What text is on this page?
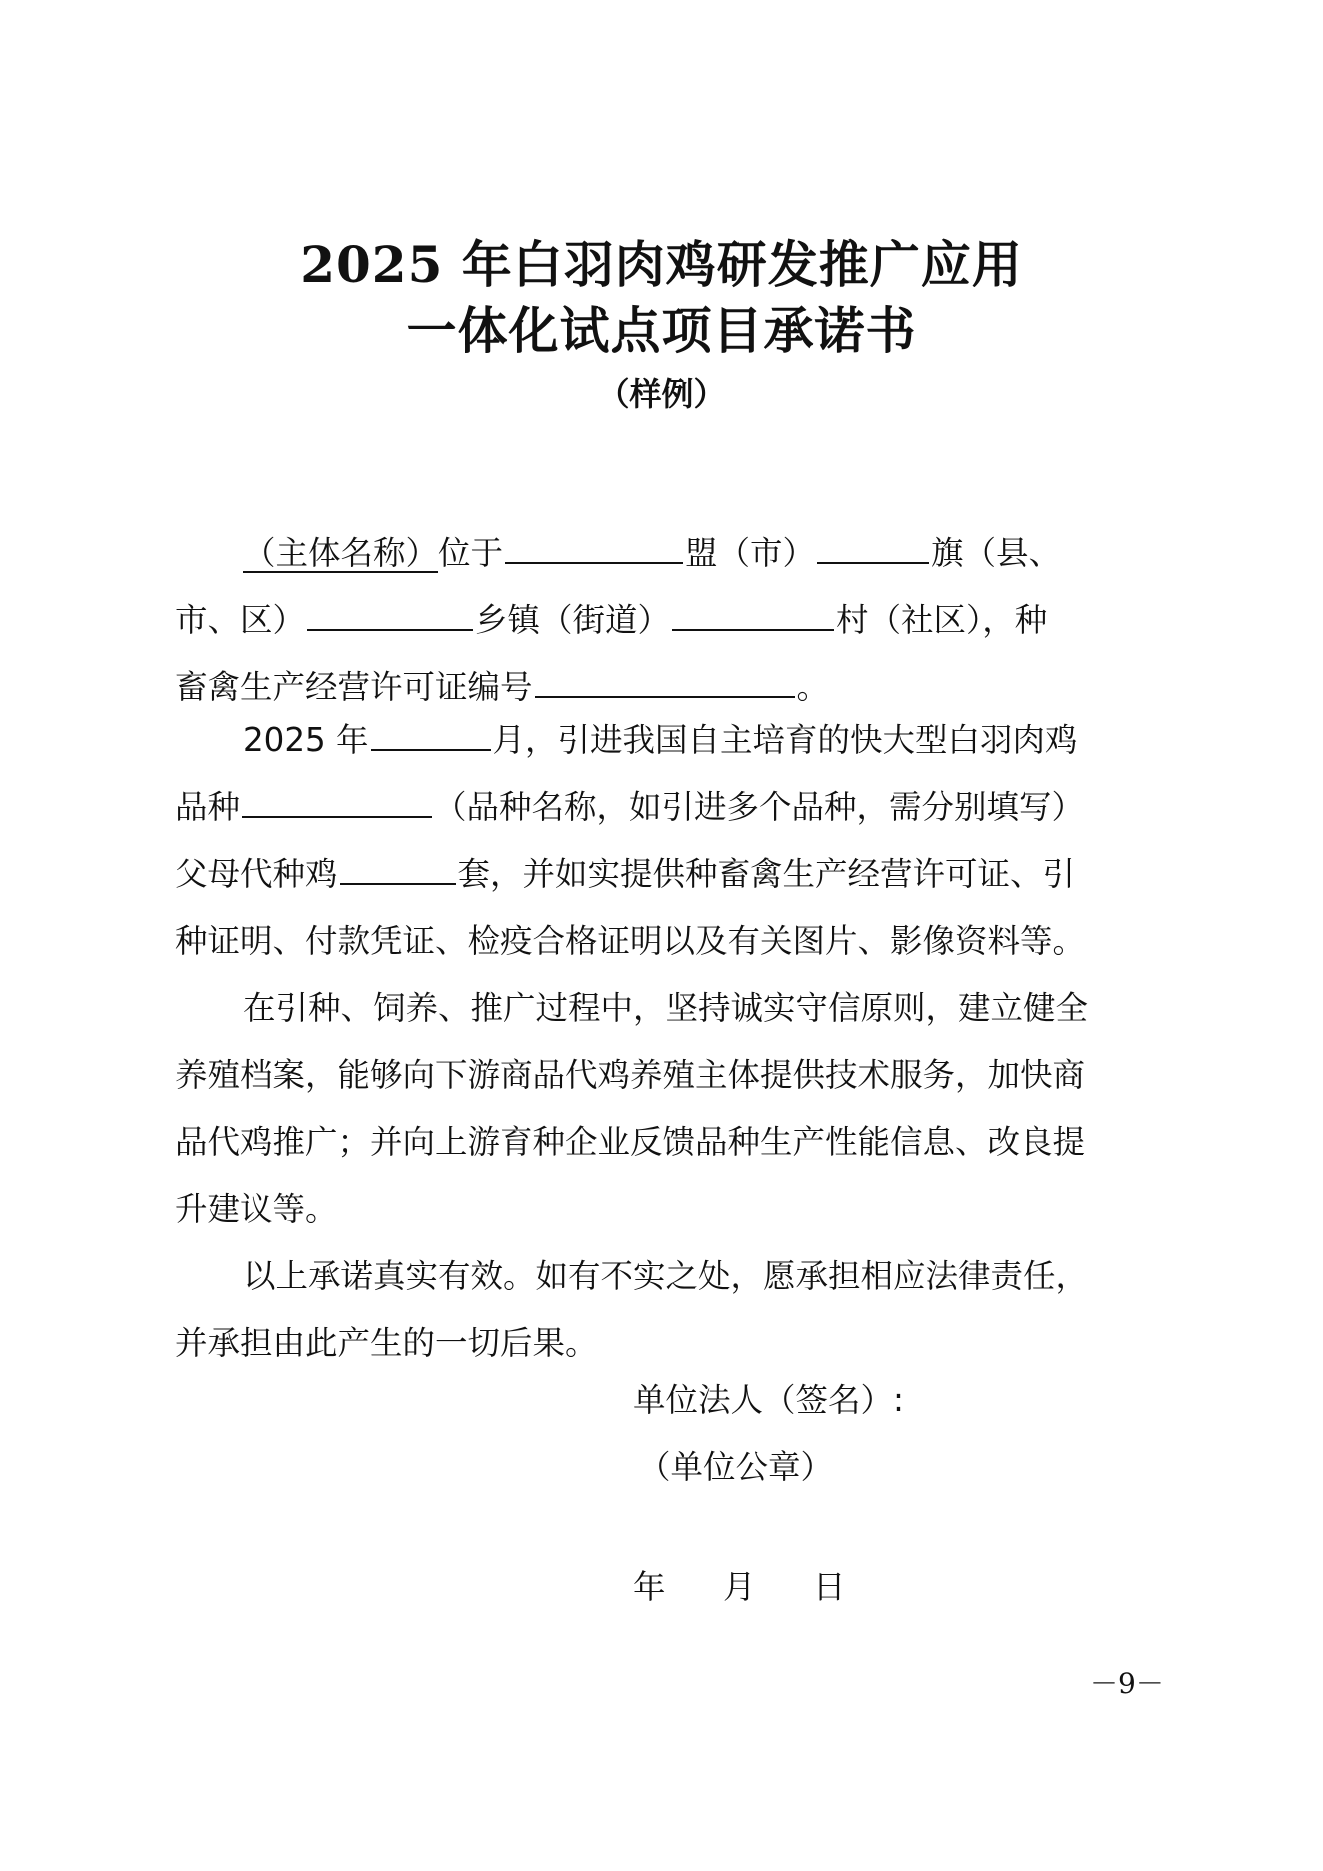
2025 年白羽肉鸡研发推广应用
一体化试点项目承诺书
（样例）
（主体名称）位于	盟（市）	旗（县、
市、区）	乡镇（街道）	村（社区），种
畜禽生产经营许可证编号	。
2025 年	月，引进我国自主培育的快大型白羽肉鸡
品种	（品种名称，如引进多个品种，需分别填写）
父母代种鸡	套，并如实提供种畜禽生产经营许可证、引
种证明、付款凭证、检疫合格证明以及有关图片、影像资料等。
在引种、饲养、推广过程中，坚持诚实守信原则，建立健全
养殖档案，能够向下游商品代鸡养殖主体提供技术服务，加快商
品代鸡推广；并向上游育种企业反馈品种生产性能信息、改良提
升建议等。
以上承诺真实有效。如有不实之处，愿承担相应法律责任，
并承担由此产生的一切后果。
单位法人（签名）:
（单位公章）
年 月 日
－9－
